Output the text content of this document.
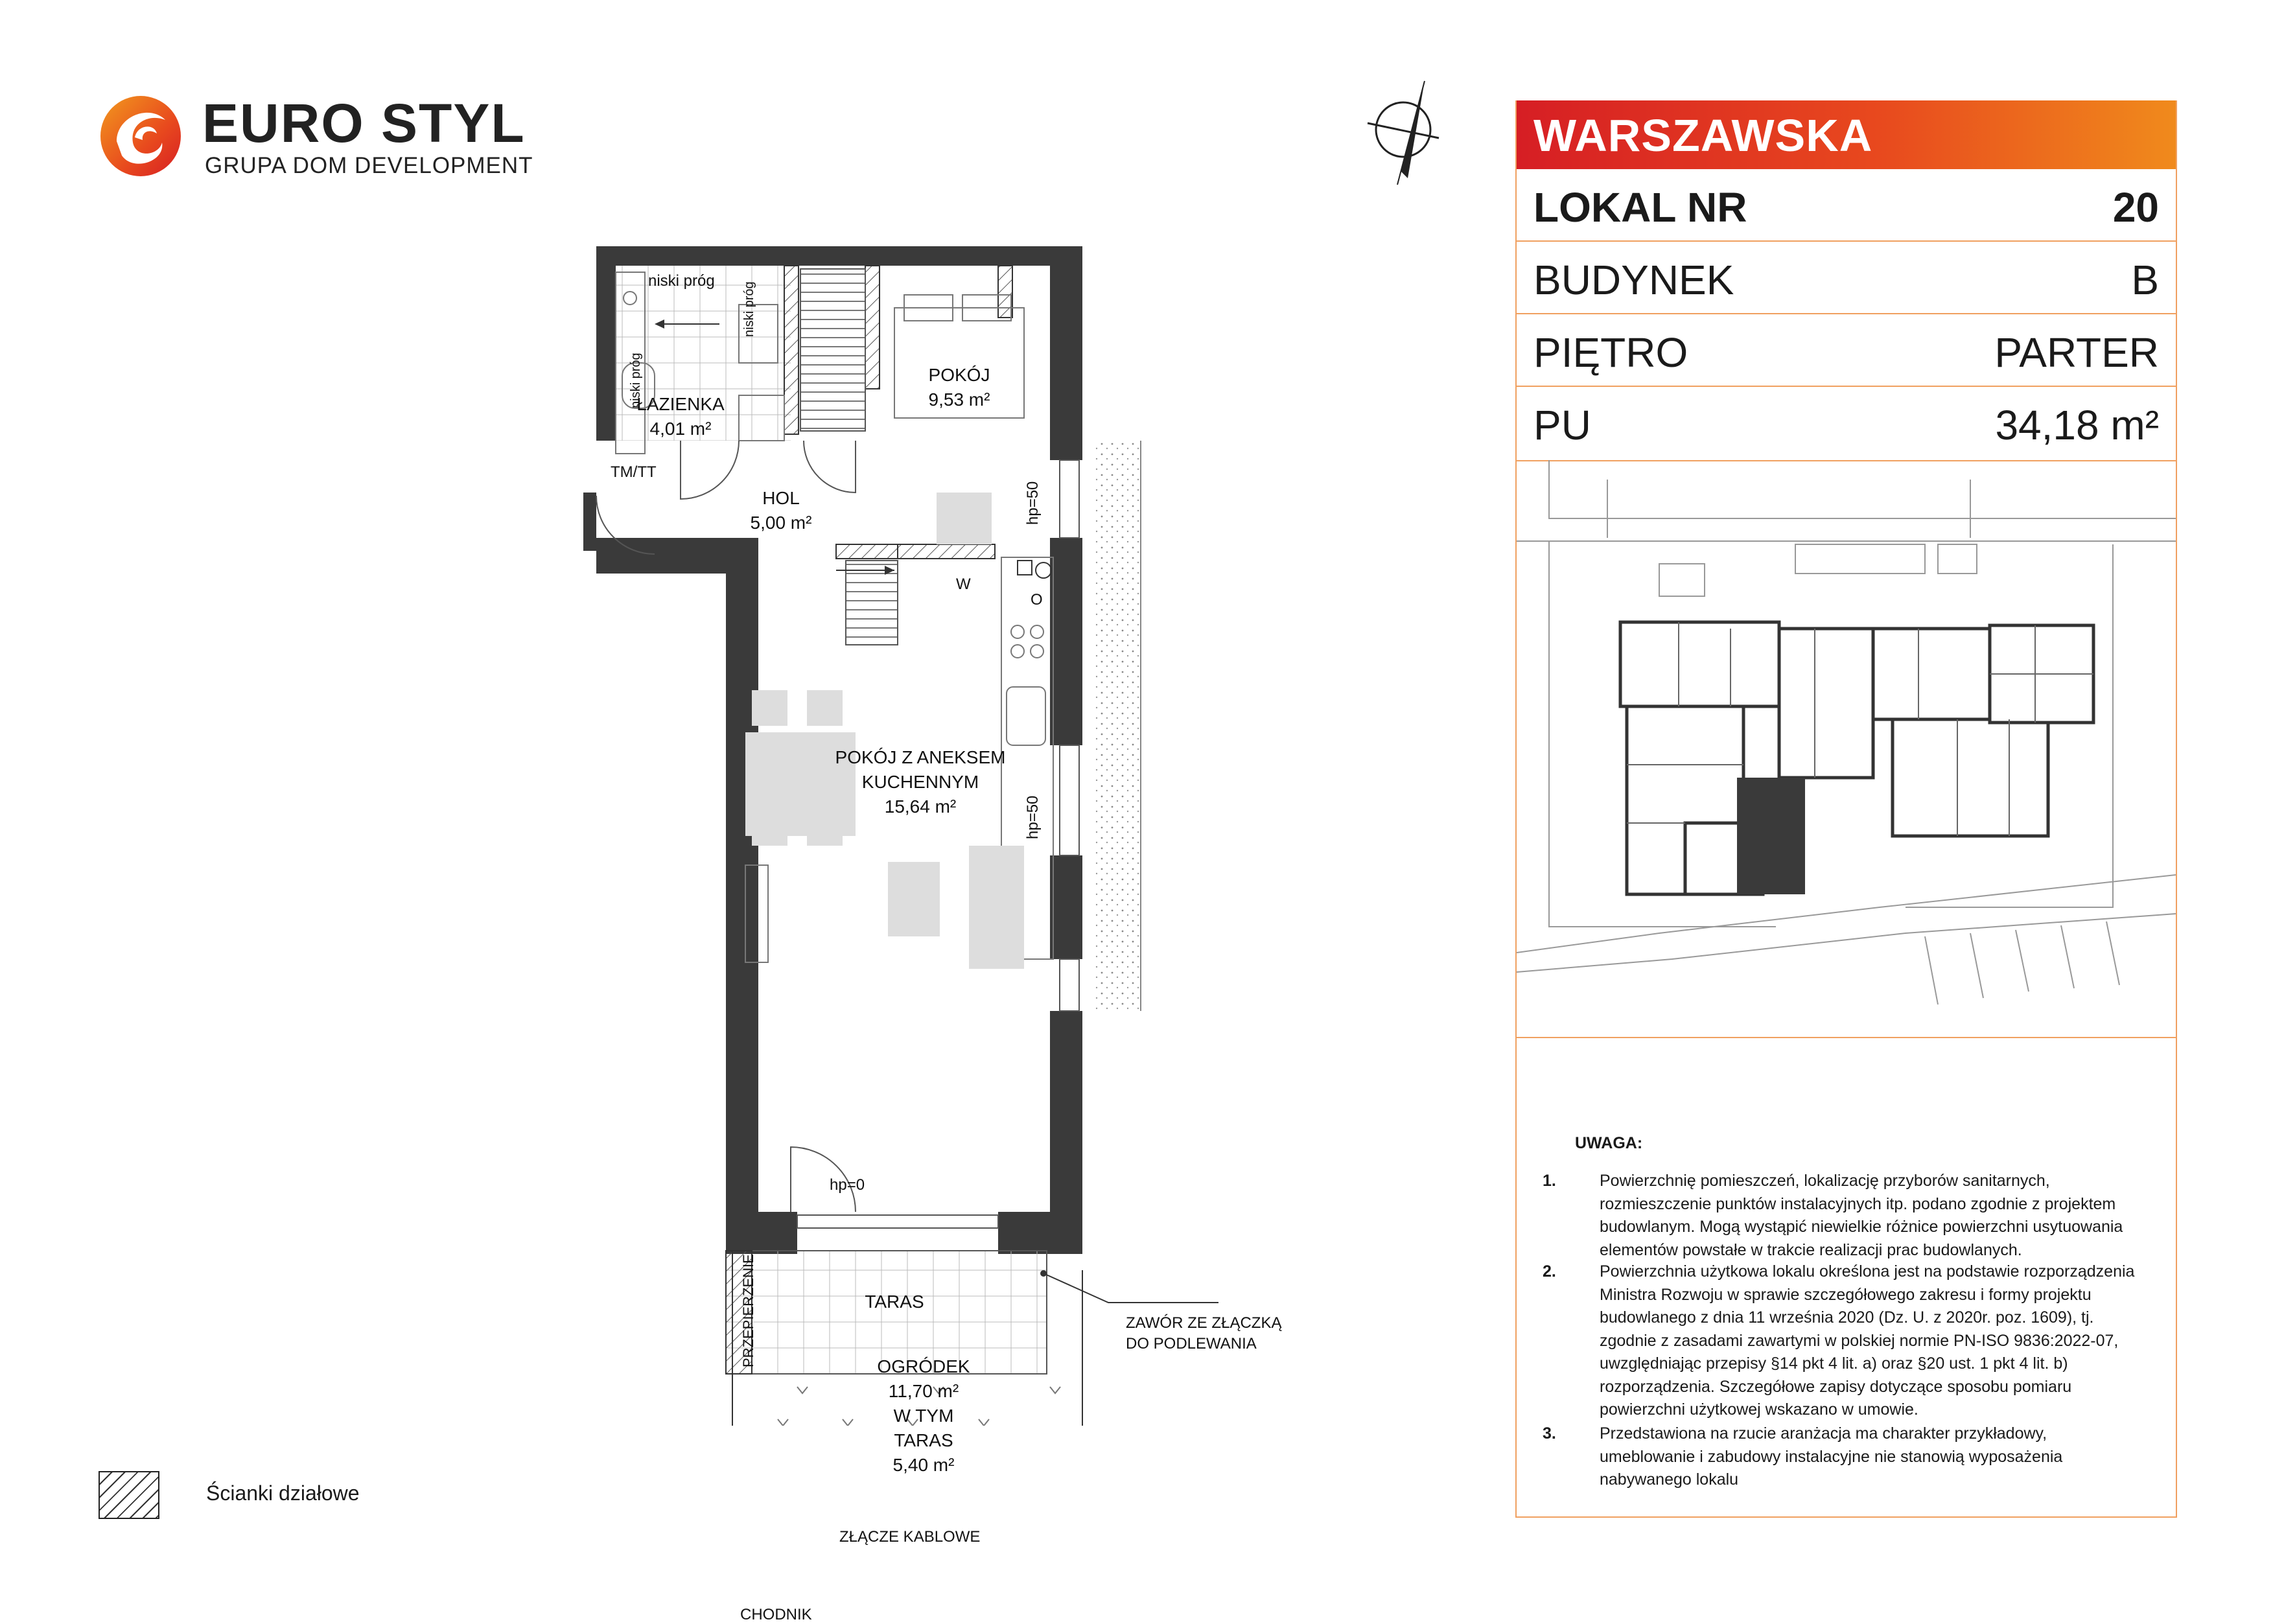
EURO STYL
GRUPA DOM DEVELOPMENT
ŁAZIENKA
4,01 m²
POKÓJ
9,53 m²
HOL
5,00 m²
POKÓJ Z ANEKSEM
KUCHENNYM
15,64 m²
TARAS
OGRÓDEK
11,70 m²
W TYM
TARAS
5,40 m²
niski próg
niski próg
niski próg
TM/TT
hp=50
hp=50
hp=0
W
O
PRZEPIERZENIE	ZAWÓR ZE ZŁĄCZKĄ
DO PODLEWANIA
ZŁĄCZE KABLOWE
CHODNIK
WARSZAWSKA
LOKAL NR	20
BUDYNEK	B
PIĘTRO	PARTER
PU	34,18 m²
UWAGA:
1.	Powierzchnię pomieszczeń, lokalizację przyborów sanitarnych, rozmieszczenie punktów instalacyjnych itp. podano zgodnie z projektem budowlanym. Mogą wystąpić niewielkie różnice powierzchni usytuowania elementów powstałe w trakcie realizacji prac budowlanych.
2.	Powierzchnia użytkowa lokalu określona jest na podstawie rozporządzenia Ministra Rozwoju w sprawie szczegółowego zakresu i formy projektu budowlanego z dnia 11 września 2020 (Dz. U. z 2020r. poz. 1609), tj. zgodnie z zasadami zawartymi w polskiej normie PN-ISO 9836:2022-07, uwzględniając przepisy §14 pkt 4 lit. a) oraz §20 ust. 1 pkt 4 lit. b) rozporządzenia. Szczegółowe zapisy dotyczące sposobu pomiaru powierzchni użytkowej wskazano w umowie.
3.	Przedstawiona na rzucie aranżacja ma charakter przykładowy, umeblowanie i zabudowy instalacyjne nie stanowią wyposażenia nabywanego lokalu
Ścianki działowe
